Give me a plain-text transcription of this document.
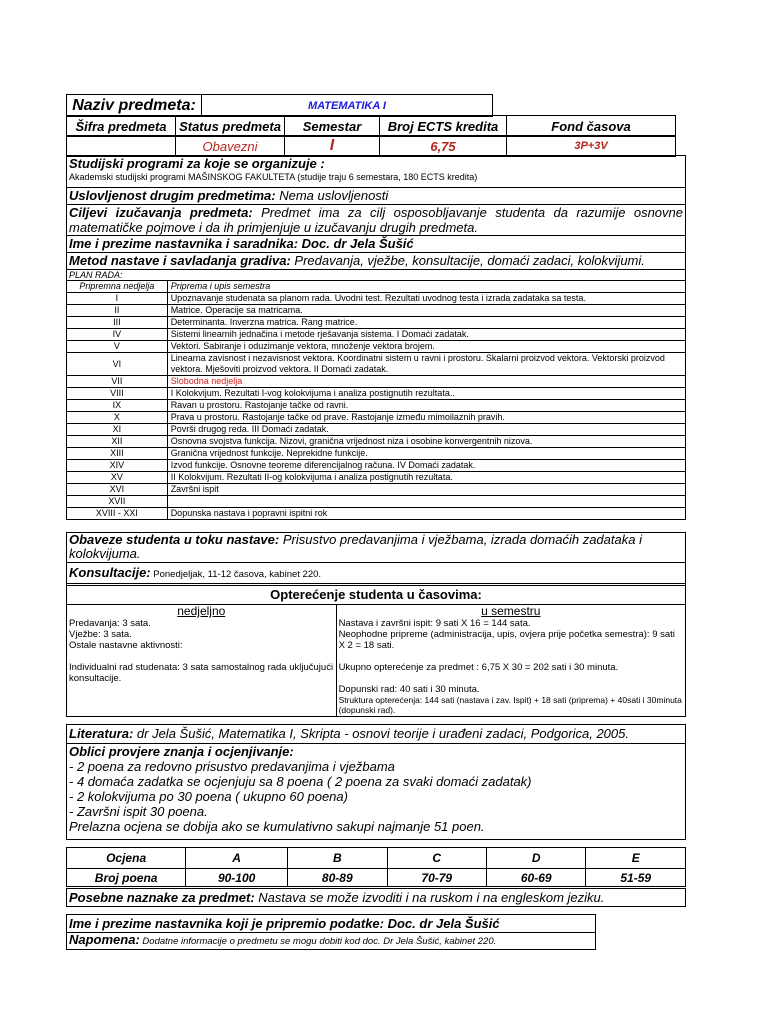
Naziv predmeta:	MATEMATIKA I
Šifra predmeta	Status predmeta	Semestar	Broj ECTS kredita	Fond časova
	Obavezni	I	6,75	3P+3V
Studijski programi za koje se organizuje :
Akademski studijski programi MAŠINSKOG FAKULTETA (studije traju 6 semestara, 180 ECTS kredita)
Uslovljenost drugim predmetima: Nema uslovljenosti
Ciljevi izučavanja predmeta: Predmet ima za cilj osposobljavanje studenta da razumije osnovne matematičke pojmove i da ih primjenjuje u izučavanju drugih predmeta.
Ime i prezime nastavnika i saradnika: Doc. dr Jela Šušić
Metod nastave i savladanja gradiva: Predavanja, vježbe, konsultacije, domaći zadaci, kolokvijumi.
PLAN RADA:
Pripremna nedjelja	Priprema i upis semestra
I	Upoznavanje studenata sa planom rada. Uvodni test. Rezultati uvodnog testa i izrada zadataka sa testa.
II	Matrice. Operacije sa matricama.
III	Determinanta. Inverzna matrica. Rang matrice.
IV	Sistemi linearnih jednačina i metode rješavanja sistema. I Domaći zadatak.
V	Vektori. Sabiranje i oduzimanje vektora, množenje vektora brojem.
VI	Linearna zavisnost i nezavisnost vektora. Koordinatni sistem u ravni i prostoru. Skalarni proizvod vektora. Vektorski proizvod vektora. Mješoviti proizvod vektora. II Domaći zadatak.
VII	Slobodna nedjelja
VIII	I Kolokvijum. Rezultati I-vog kolokvijuma i analiza postignutih rezultata..
IX	Ravan u prostoru. Rastojanje tačke od ravni.
X	Prava u prostoru. Rastojanje tačke od prave. Rastojanje između mimoilaznih pravih.
XI	Površi drugog reda. III Domaći zadatak.
XII	Osnovna svojstva funkcija. Nizovi, granična vrijednost niza i osobine konvergentnih nizova.
XIII	Granična vrijednost funkcije. Neprekidne funkcije.
XIV	Izvod funkcije. Osnovne teoreme diferencijalnog računa. IV Domaći zadatak.
XV	II Kolokvijum. Rezultati II-og kolokvijuma i analiza postignutih rezultata.
XVI	Završni ispit
XVII	
XVIII - XXI	Dopunska nastava i popravni ispitni rok
Obaveze studenta u toku nastave: Prisustvo predavanjima i vježbama, izrada domaćih zadataka i kolokvijuma.
Konsultacije: Ponedjeljak, 11-12 časova, kabinet 220.
Opterećenje studenta u časovima:
nedjeljno
Predavanja: 3 sata.
Vježbe: 3 sata.
Ostale nastavne aktivnosti:
Individualni rad studenata: 3 sata samostalnog rada uključujući konsultacije.

u semestru
Nastava i završni ispit: 9 sati X 16 = 144 sata.
Neophodne pripreme (administracija, upis, ovjera prije početka semestra): 9 sati X 2 = 18 sati.
Ukupno opterećenje za predmet : 6,75 X 30 = 202 sati i 30 minuta.
Dopunski rad: 40 sati i 30 minuta.
Struktura opterećenja: 144 sati (nastava i zav. Ispit) + 18 sati (priprema) + 40sati i 30minuta (dopunski rad).
Literatura: dr Jela Šušić, Matematika I, Skripta - osnovi teorije i urađeni zadaci, Podgorica, 2005.
Oblici provjere znanja i ocjenjivanje:
- 2 poena za redovno prisustvo predavanjima i vježbama
- 4 domaća zadatka se ocjenjuju sa 8 poena ( 2 poena za svaki domaći zadatak)
- 2 kolokvijuma po 30 poena ( ukupno 60 poena)
- Završni ispit 30 poena.
Prelazna ocjena se dobija ako se kumulativno sakupi najmanje 51 poen.
Ocjena	A	B	C	D	E
Broj poena	90-100	80-89	70-79	60-69	51-59
Posebne naznake za predmet: Nastava se može izvoditi i na ruskom i na engleskom jeziku.
Ime i prezime nastavnika koji je pripremio podatke: Doc. dr Jela Šušić
Napomena: Dodatne informacije o predmetu se mogu dobiti kod doc. Dr Jela Šušić, kabinet 220.
